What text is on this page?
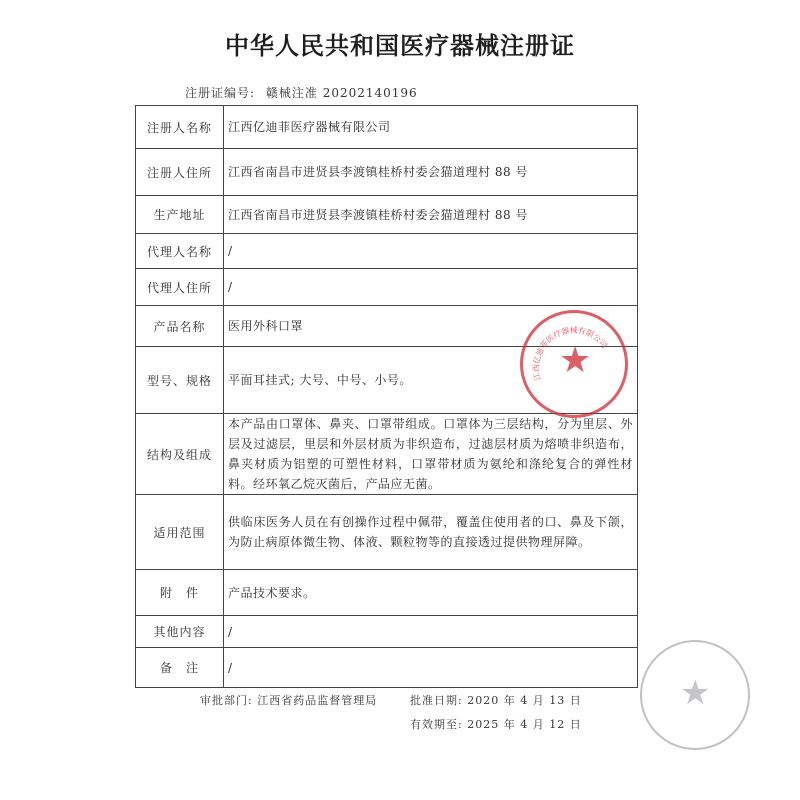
中华人民共和国医疗器械注册证
注册证编号: 赣械注准 20202140196
注册人名称	江西亿迪菲医疗器械有限公司
注册人住所	江西省南昌市进贤县李渡镇桂桥村委会猫道理村 88 号
生产地址	江西省南昌市进贤县李渡镇桂桥村委会猫道理村 88 号
代理人名称	/
代理人住所	/
产品名称	医用外科口罩
型号、规格	平面耳挂式; 大号、中号、小号。
结构及组成	本产品由口罩体、鼻夹、口罩带组成。口罩体为三层结构，分为里层、外层及过滤层，里层和外层材质为非织造布，过滤层材质为熔喷非织造布，鼻夹材质为铝塑的可塑性材料，口罩带材质为氨纶和涤纶复合的弹性材料。经环氧乙烷灭菌后，产品应无菌。
适用范围	供临床医务人员在有创操作过程中佩带，覆盖住使用者的口、鼻及下颌，为防止病原体微生物、体液、颗粒物等的直接透过提供物理屏障。
附　件	产品技术要求。
其他内容	/
备　注	/
江西亿迪菲医疗器械有限公司
★
★
审批部门: 江西省药品监督管理局	批准日期: 2020 年 4 月 13 日
有效期至: 2025 年 4 月 12 日
